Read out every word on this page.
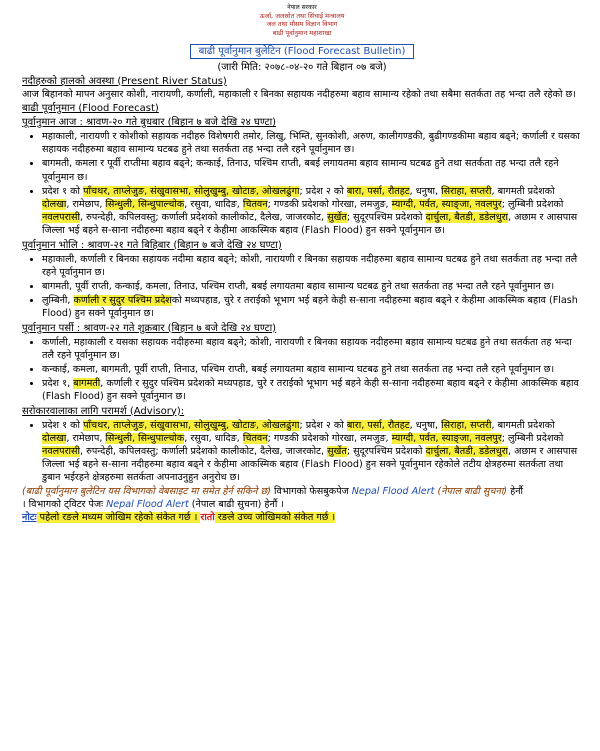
नेपाल सरकार
ऊर्जा, जलस्रोत तथा सिंचाई मन्त्रालय
जल तथा मौसम विज्ञान विभाग
बाढी पूर्वानुमान महाशाखा
बाढी पूर्वानुमान बुलेटिन (Flood Forecast Bulletin)
(जारी मिति: २०७८-०४-२० गते बिहान ०७ बजे)
नदीहरुको हालको अवस्था (Present River Status)
आज बिहानको मापन अनुसार कोशी, नारायणी, कर्णाली, महाकाली र बिनका सहायक नदीहरुमा बहाव सामान्य रहेको तथा सबैमा सतर्कता तह भन्दा तलै रहेको छ।
बाढी पूर्वानुमान (Flood Forecast)
पूर्वानुमान आज : श्रावण-२० गते बुधबार (बिहान ७ बजे देखि २४ घण्टा)
• महाकाली, नारायणी र कोशीको सहायक नदीहरु विशेषगरी तमोर, लिखु, भिम्ति, सुनकोशी, अरुण, कालीगण्डकी, बुढीगण्डकीमा बहाव बढ्ने; कर्णाली र यसका सहायक नदीहरुमा बहाव सामान्य घटबढ हुने तथा सतर्कता तह भन्दा तलै रहने पूर्वानुमान छ।
• बागमती, कमला र पूर्वी राप्तीमा बहाव बढ्ने; कन्काई, तिनाउ, पश्चिम राप्ती, बबई लगायतमा बहाव सामान्य घटबढ हुने तथा सतर्कता तह भन्दा तलै रहने पूर्वानुमान छ।
• प्रदेश १ को पाँचथर, ताप्लेजुङ, संखुवासभा, सोलुखुम्बु, खोटाङ, ओखलढुंगा; प्रदेश २ को बारा, पर्सा, रौतहट, धनुषा, सिराहा, सप्तरी, बागमती प्रदेशको दोलखा, रामेछाप, सिन्धुली, सिन्धुपाल्चोक, रसुवा, धादिङ, चितवन; गण्डकी प्रदेशको गोरखा, लमजुङ, म्याग्दी, पर्वत, स्याङ्जा, नवलपुर; लुम्बिनी प्रदेशको नवलपरासी, रुपन्देही, कपिलवस्तु; कर्णाली प्रदेशको कालीकोट, दैलेख, जाजरकोट, सुर्खेत; सुदूरपश्चिम प्रदेशको दार्चुला, बैतडी, डडेलधुरा, अछाम र आसपास जिल्ला भई बहने स-साना नदीहरुमा बहाव बढ्ने र केहीमा आकस्मिक बहाव (Flash Flood) हुन सक्ने पूर्वानुमान छ।
पूर्वानुमान भोलि : श्रावण-२१ गते बिहिबार (बिहान ७ बजे देखि २४ घण्टा)
• महाकाली, कर्णाली र बिनका सहायक नदीमा बहाव बढ्ने; कोशी, नारायणी र बिनका सहायक नदीहरुमा बहाव सामान्य घटबढ हुने तथा सतर्कता तह भन्दा तलै रहने पूर्वानुमान छ।
• बागमती, पूर्वी राप्ती, कन्काई, कमला, तिनाउ, पश्चिम राप्ती, बबई लगायतमा बहाव सामान्य घटबढ हुने तथा सतर्कता तह भन्दा तलै रहने पूर्वानुमान छ।
• लुम्बिनी, कर्णाली र सुदुर पश्चिम प्रदेशको मध्यपहाड, चुरे र तराईको भूभाग भई बहने केही स-साना नदीहरुमा बहाव बढ्ने र केहीमा आकस्मिक बहाव (Flash Flood) हुन सक्ने पूर्वानुमान छ।
पूर्वानुमान पर्सी : श्रावण-२२ गते शुक्रबार (बिहान ७ बजे देखि २४ घण्टा)
• कर्णाली, महाकाली र यसका सहायक नदीहरुमा बहाव बढ्ने; कोशी, नारायणी र बिनका सहायक नदीहरुमा बहाव सामान्य घटबढ हुने तथा सतर्कता तह भन्दा तलै रहने पूर्वानुमान छ।
• कन्काई, कमला, बागमती, पूर्वी राप्ती, तिनाउ, पश्चिम राप्ती, बबई लगायतमा बहाव सामान्य घटबढ हुने तथा सतर्कता तह भन्दा तलै रहने पूर्वानुमान छ।
• प्रदेश १, बागमती, कर्णाली र सुदुर पश्चिम प्रदेशको मध्यपहाड, चुरे र तराईको भूभाग भई बहने केही स-साना नदीहरुमा बहाव बढ्ने र केहीमा आकस्मिक बहाव (Flash Flood) हुन सक्ने पूर्वानुमान छ।
सरोकारवालाका लागि परामर्श (Advisory):
• प्रदेश १ को पाँचथर, ताप्लेजुङ, संखुवासभा, सोलुखुम्बु, खोटाङ, ओखलढुंगा; प्रदेश २ को बारा, पर्सा, रौतहट, धनुषा, सिराहा, सप्तरी, बागमती प्रदेशको दोलखा, रामेछाप, सिन्धुली, सिन्धुपाल्चोक, रसुवा, धादिङ, चितवन; गण्डकी प्रदेशको गोरखा, लमजुङ, म्याग्दी, पर्वत, स्याङ्जा, नवलपुर; लुम्बिनी प्रदेशको नवलपरासी, रुपन्देही, कपिलवस्तु; कर्णाली प्रदेशको कालीकोट, दैलेख, जाजरकोट, सुर्खेत; सुदूरपश्चिम प्रदेशको दार्चुला, बैतडी, डडेलधुरा, अछाम र आसपास जिल्ला भई बहने स-साना नदीहरुमा बहाव बढ्ने र केहीमा आकस्मिक बहाव (Flash Flood) हुन सक्ने पूर्वानुमान रहेकोले तटीय क्षेत्रहरुमा सतर्कता तथा डुबान भईरहने क्षेत्रहरुमा सतर्कता अपनाउनुहुन अनुरोध छ।
(बाढी पूर्वानुमान बुलेटिन यस विभागको वेबसाइट मा समेत हेर्न सकिने छ) विभागको फेसबुकपेज Nepal Flood Alert (नेपाल बाढी सुचना) हेर्नौ
। विभागको ट्विटर पेजः Nepal Flood Alert (नेपाल बाढी सुचना) हेर्नौ ।
नोटः पहेलो रङले मध्यम जोखिम रहेको संकेत गर्छ । रातो रङले उच्च जोखिमको संकेत गर्छ ।
